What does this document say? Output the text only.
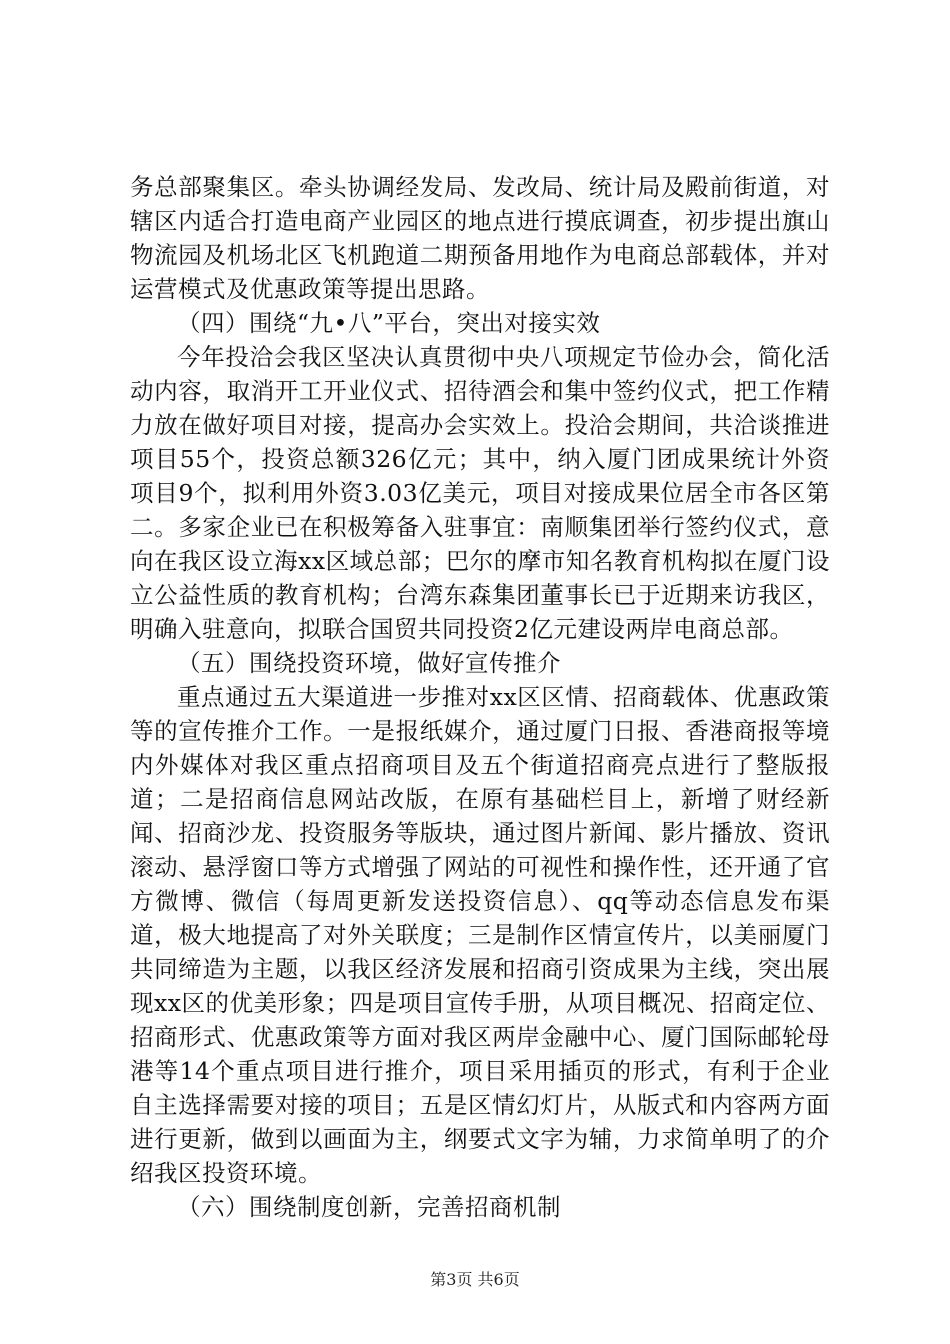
务总部聚集区。牵头协调经发局、发改局、统计局及殿前街道，对辖区内适合打造电商产业园区的地点进行摸底调查，初步提出旗山物流园及机场北区飞机跑道二期预备用地作为电商总部载体，并对运营模式及优惠政策等提出思路。

（四）围绕“九•八”平台，突出对接实效

今年投洽会我区坚决认真贯彻中央八项规定节俭办会，简化活动内容，取消开工开业仪式、招待酒会和集中签约仪式，把工作精力放在做好项目对接，提高办会实效上。投洽会期间，共洽谈推进项目55个，投资总额326亿元；其中，纳入厦门团成果统计外资项目9个，拟利用外资3.03亿美元，项目对接成果位居全市各区第二。多家企业已在积极筹备入驻事宜：南顺集团举行签约仪式，意向在我区设立海xx区域总部；巴尔的摩市知名教育机构拟在厦门设立公益性质的教育机构；台湾东森集团董事长已于近期来访我区，明确入驻意向，拟联合国贸共同投资2亿元建设两岸电商总部。

（五）围绕投资环境，做好宣传推介

重点通过五大渠道进一步推对xx区区情、招商载体、优惠政策等的宣传推介工作。一是报纸媒介，通过厦门日报、香港商报等境内外媒体对我区重点招商项目及五个街道招商亮点进行了整版报道；二是招商信息网站改版，在原有基础栏目上，新增了财经新闻、招商沙龙、投资服务等版块，通过图片新闻、影片播放、资讯滚动、悬浮窗口等方式增强了网站的可视性和操作性，还开通了官方微博、微信（每周更新发送投资信息）、qq等动态信息发布渠道，极大地提高了对外关联度；三是制作区情宣传片，以美丽厦门共同缔造为主题，以我区经济发展和招商引资成果为主线，突出展现xx区的优美形象；四是项目宣传手册，从项目概况、招商定位、招商形式、优惠政策等方面对我区两岸金融中心、厦门国际邮轮母港等14个重点项目进行推介，项目采用插页的形式，有利于企业自主选择需要对接的项目；五是区情幻灯片，从版式和内容两方面进行更新，做到以画面为主，纲要式文字为辅，力求简单明了的介绍我区投资环境。

（六）围绕制度创新，完善招商机制

第3页 共6页
